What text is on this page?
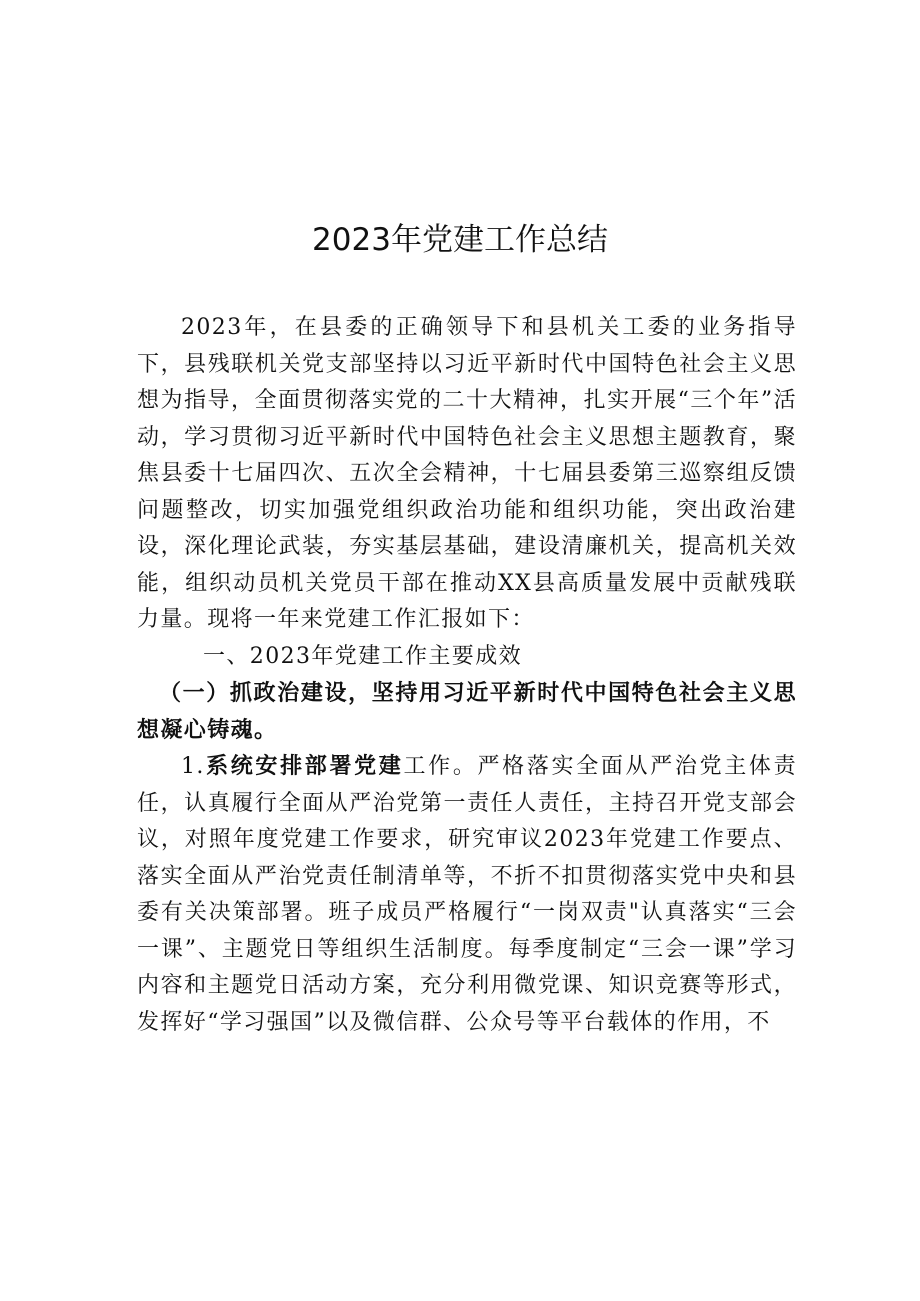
2023年党建工作总结

2023年，在县委的正确领导下和县机关工委的业务指导下，县残联机关党支部坚持以习近平新时代中国特色社会主义思想为指导，全面贯彻落实党的二十大精神，扎实开展“三个年”活动，学习贯彻习近平新时代中国特色社会主义思想主题教育，聚焦县委十七届四次、五次全会精神，十七届县委第三巡察组反馈问题整改，切实加强党组织政治功能和组织功能，突出政治建设，深化理论武装，夯实基层基础，建设清廉机关，提高机关效能，组织动员机关党员干部在推动XX县高质量发展中贡献残联力量。现将一年来党建工作汇报如下：

一、2023年党建工作主要成效

（一）抓政治建设，坚持用习近平新时代中国特色社会主义思想凝心铸魂。

1.系统安排部署党建工作。严格落实全面从严治党主体责任，认真履行全面从严治党第一责任人责任，主持召开党支部会议，对照年度党建工作要求，研究审议2023年党建工作要点、落实全面从严治党责任制清单等，不折不扣贯彻落实党中央和县委有关决策部署。班子成员严格履行“一岗双责"认真落实“三会一课”、主题党日等组织生活制度。每季度制定“三会一课”学习内容和主题党日活动方案，充分利用微党课、知识竞赛等形式，发挥好“学习强国”以及微信群、公众号等平台载体的作用，不
